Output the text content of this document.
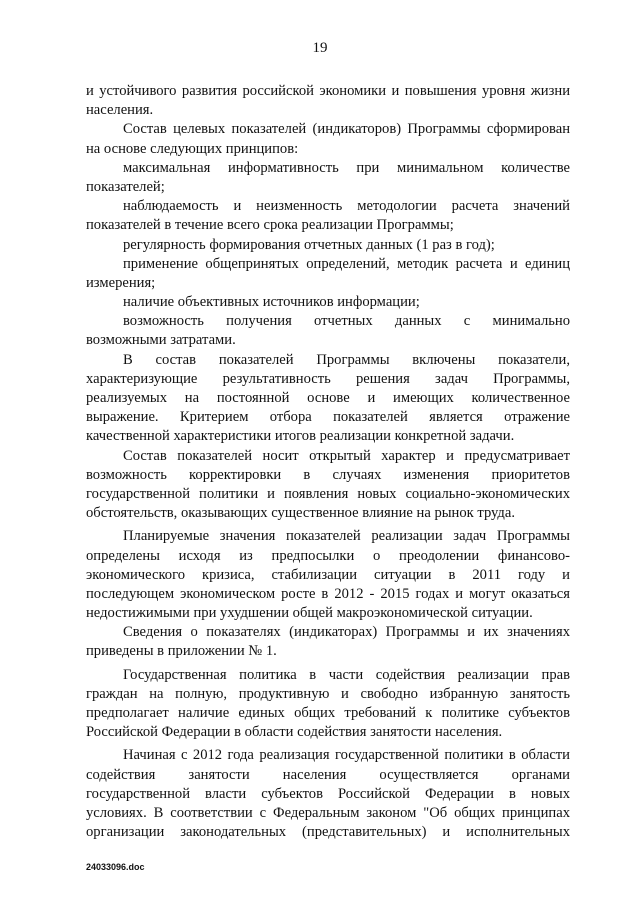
19
и устойчивого развития российской экономики и повышения уровня жизни
населения.
Состав целевых показателей (индикаторов) Программы сформирован
на основе следующих принципов:
максимальная информативность при минимальном количестве
показателей;
наблюдаемость и неизменность методологии расчета значений
показателей в течение всего срока реализации Программы;
регулярность формирования отчетных данных (1 раз в год);
применение общепринятых определений, методик расчета и единиц
измерения;
наличие объективных источников информации;
возможность получения отчетных данных с минимально
возможными затратами.
В состав показателей Программы включены показатели,
характеризующие результативность решения задач Программы,
реализуемых на постоянной основе и имеющих количественное
выражение. Критерием отбора показателей является отражение
качественной характеристики итогов реализации конкретной задачи.
Состав показателей носит открытый характер и предусматривает
возможность корректировки в случаях изменения приоритетов
государственной политики и появления новых социально-экономических
обстоятельств, оказывающих существенное влияние на рынок труда.
Планируемые значения показателей реализации задач Программы
определены исходя из предпосылки о преодолении финансово-
экономического кризиса, стабилизации ситуации в 2011 году и
последующем экономическом росте в 2012 - 2015 годах и могут оказаться
недостижимыми при ухудшении общей макроэкономической ситуации.
Сведения о показателях (индикаторах) Программы и их значениях
приведены в приложении № 1.
Государственная политика в части содействия реализации прав
граждан на полную, продуктивную и свободно избранную занятость
предполагает наличие единых общих требований к политике субъектов
Российской Федерации в области содействия занятости населения.
Начиная с 2012 года реализация государственной политики в области
содействия занятости населения осуществляется органами
государственной власти субъектов Российской Федерации в новых
условиях. В соответствии с Федеральным законом "Об общих принципах
организации законодательных (представительных) и исполнительных
24033096.doc
